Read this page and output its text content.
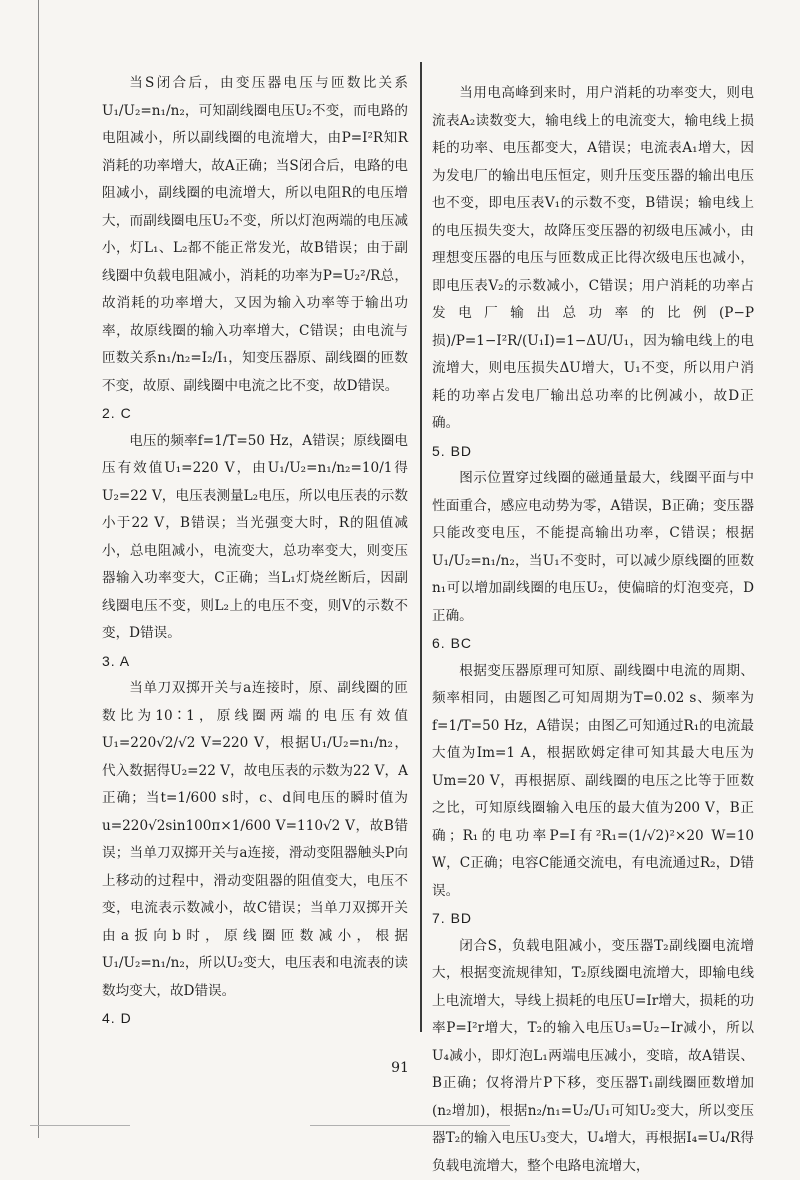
当S闭合后，由变压器电压与匝数比关系U₁/U₂=n₁/n₂，可知副线圈电压U₂不变，而电路的电阻减小，所以副线圈的电流增大，由P=I²R知R消耗的功率增大，故A正确；当S闭合后，电路的电阻减小，副线圈的电流增大，所以电阻R的电压增大，而副线圈电压U₂不变，所以灯泡两端的电压减小，灯L₁、L₂都不能正常发光，故B错误；由于副线圈中负载电阻减小，消耗的功率为P=U₂²/R总，故消耗的功率增大，又因为输入功率等于输出功率，故原线圈的输入功率增大，C错误；由电流与匝数关系n₁/n₂=I₂/I₁，知变压器原、副线圈的匝数不变，故原、副线圈中电流之比不变，故D错误。

2. C

电压的频率f=1/T=50 Hz，A错误；原线圈电压有效值U₁=220 V，由U₁/U₂=n₁/n₂=10/1得U₂=22 V，电压表测量L₂电压，所以电压表的示数小于22 V，B错误；当光强变大时，R的阻值减小，总电阻减小，电流变大，总功率变大，则变压器输入功率变大，C正确；当L₁灯烧丝断后，因副线圈电压不变，则L₂上的电压不变，则V的示数不变，D错误。

3. A

当单刀双掷开关与a连接时，原、副线圈的匝数比为10∶1，原线圈两端的电压有效值U₁=220√2/√2 V=220 V，根据U₁/U₂=n₁/n₂，代入数据得U₂=22 V，故电压表的示数为22 V，A正确；当t=1/600 s时，c、d间电压的瞬时值为u=220√2sin100π×1/600 V=110√2 V，故B错误；当单刀双掷开关与a连接，滑动变阻器触头P向上移动的过程中，滑动变阻器的阻值变大，电压不变，电流表示数减小，故C错误；当单刀双掷开关由a扳向b时，原线圈匝数减小，根据U₁/U₂=n₁/n₂，所以U₂变大，电压表和电流表的读数均变大，故D错误。

4. D

当用电高峰到来时，用户消耗的功率变大，则电流表A₂读数变大，输电线上的电流变大，输电线上损耗的功率、电压都变大，A错误；电流表A₁增大，因为发电厂的输出电压恒定，则升压变压器的输出电压也不变，即电压表V₁的示数不变，B错误；输电线上的电压损失变大，故降压变压器的初级电压减小，由理想变压器的电压与匝数成正比得次级电压也减小，即电压表V₂的示数减小，C错误；用户消耗的功率占发电厂输出总功率的比例(P−P损)/P=1−I²R/(U₁I)=1−ΔU/U₁，因为输电线上的电流增大，则电压损失ΔU增大，U₁不变，所以用户消耗的功率占发电厂输出总功率的比例减小，故D正确。

5. BD

图示位置穿过线圈的磁通量最大，线圈平面与中性面重合，感应电动势为零，A错误，B正确；变压器只能改变电压，不能提高输出功率，C错误；根据U₁/U₂=n₁/n₂，当U₁不变时，可以减少原线圈的匝数n₁可以增加副线圈的电压U₂，使偏暗的灯泡变亮，D正确。

6. BC

根据变压器原理可知原、副线圈中电流的周期、频率相同，由题图乙可知周期为T=0.02 s、频率为f=1/T=50 Hz，A错误；由图乙可知通过R₁的电流最大值为Im=1 A，根据欧姆定律可知其最大电压为Um=20 V，再根据原、副线圈的电压之比等于匝数之比，可知原线圈输入电压的最大值为200 V，B正确；R₁的电功率P=I有²R₁=(1/√2)²×20 W=10 W，C正确；电容C能通交流电，有电流通过R₂，D错误。

7. BD

闭合S，负载电阻减小，变压器T₂副线圈电流增大，根据变流规律知，T₂原线圈电流增大，即输电线上电流增大，导线上损耗的电压U=Ir增大，损耗的功率P=I²r增大，T₂的输入电压U₃=U₂−Ir减小，所以U₄减小，即灯泡L₁两端电压减小，变暗，故A错误、B正确；仅将滑片P下移，变压器T₁副线圈匝数增加(n₂增加)，根据n₂/n₁=U₂/U₁可知U₂变大，所以变压器T₂的输入电压U₃变大，U₄增大，再根据I₄=U₄/R得负载电流增大，整个电路电流增大，

91
